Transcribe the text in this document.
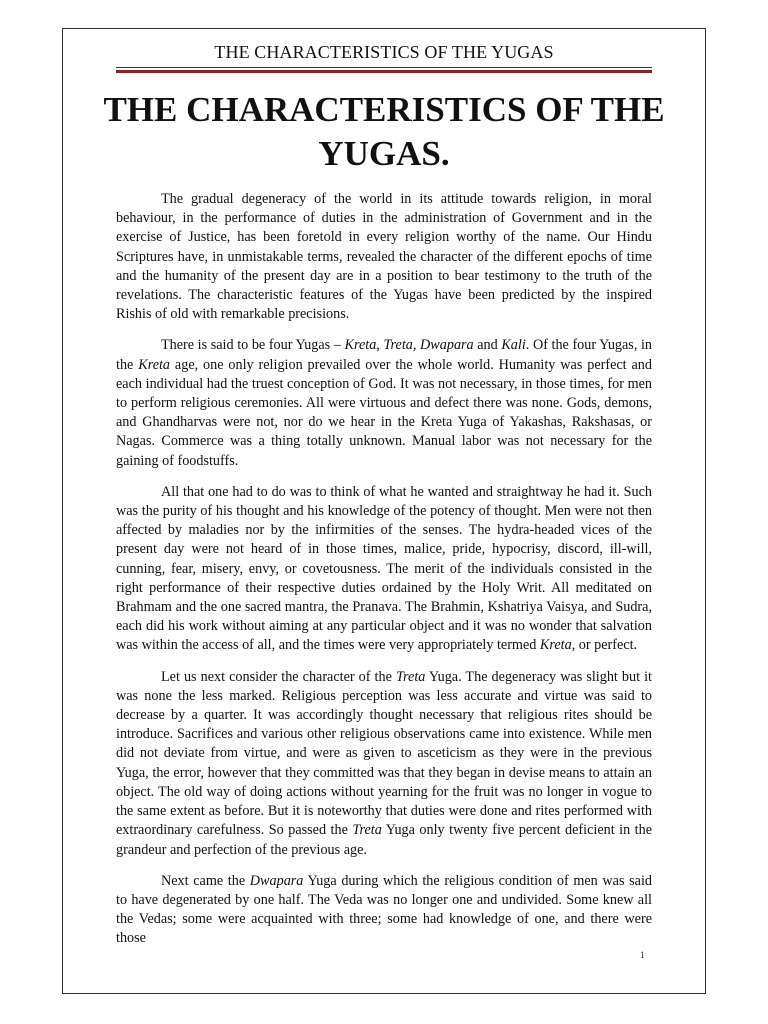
THE CHARACTERISTICS OF THE YUGAS
THE CHARACTERISTICS OF THE
YUGAS.

The gradual degeneracy of the world in its attitude towards religion, in moral behaviour, in the performance of duties in the administration of Government and in the exercise of Justice, has been foretold in every religion worthy of the name. Our Hindu Scriptures have, in unmistakable terms, revealed the character of the different epochs of time and the humanity of the present day are in a position to bear testimony to the truth of the revelations. The characteristic features of the Yugas have been predicted by the inspired Rishis of old with remarkable precisions.

There is said to be four Yugas – Kreta, Treta, Dwapara and Kali. Of the four Yugas, in the Kreta age, one only religion prevailed over the whole world. Humanity was perfect and each individual had the truest conception of God. It was not necessary, in those times, for men to perform religious ceremonies. All were virtuous and defect there was none. Gods, demons, and Ghandharvas were not, nor do we hear in the Kreta Yuga of Yakashas, Rakshasas, or Nagas. Commerce was a thing totally unknown. Manual labor was not necessary for the gaining of foodstuffs.

All that one had to do was to think of what he wanted and straightway he had it. Such was the purity of his thought and his knowledge of the potency of thought. Men were not then affected by maladies nor by the infirmities of the senses. The hydra-headed vices of the present day were not heard of in those times, malice, pride, hypocrisy, discord, ill-will, cunning, fear, misery, envy, or covetousness. The merit of the individuals consisted in the right performance of their respective duties ordained by the Holy Writ. All meditated on Brahmam and the one sacred mantra, the Pranava. The Brahmin, Kshatriya Vaisya, and Sudra, each did his work without aiming at any particular object and it was no wonder that salvation was within the access of all, and the times were very appropriately termed Kreta, or perfect.

Let us next consider the character of the Treta Yuga. The degeneracy was slight but it was none the less marked. Religious perception was less accurate and virtue was said to decrease by a quarter. It was accordingly thought necessary that religious rites should be introduce. Sacrifices and various other religious observations came into existence. While men did not deviate from virtue, and were as given to asceticism as they were in the previous Yuga, the error, however that they committed was that they began in devise means to attain an object. The old way of doing actions without yearning for the fruit was no longer in vogue to the same extent as before. But it is noteworthy that duties were done and rites performed with extraordinary carefulness. So passed the Treta Yuga only twenty five percent deficient in the grandeur and perfection of the previous age.

Next came the Dwapara Yuga during which the religious condition of men was said to have degenerated by one half. The Veda was no longer one and undivided. Some knew all the Vedas; some were acquainted with three; some had knowledge of one, and there were those

1
